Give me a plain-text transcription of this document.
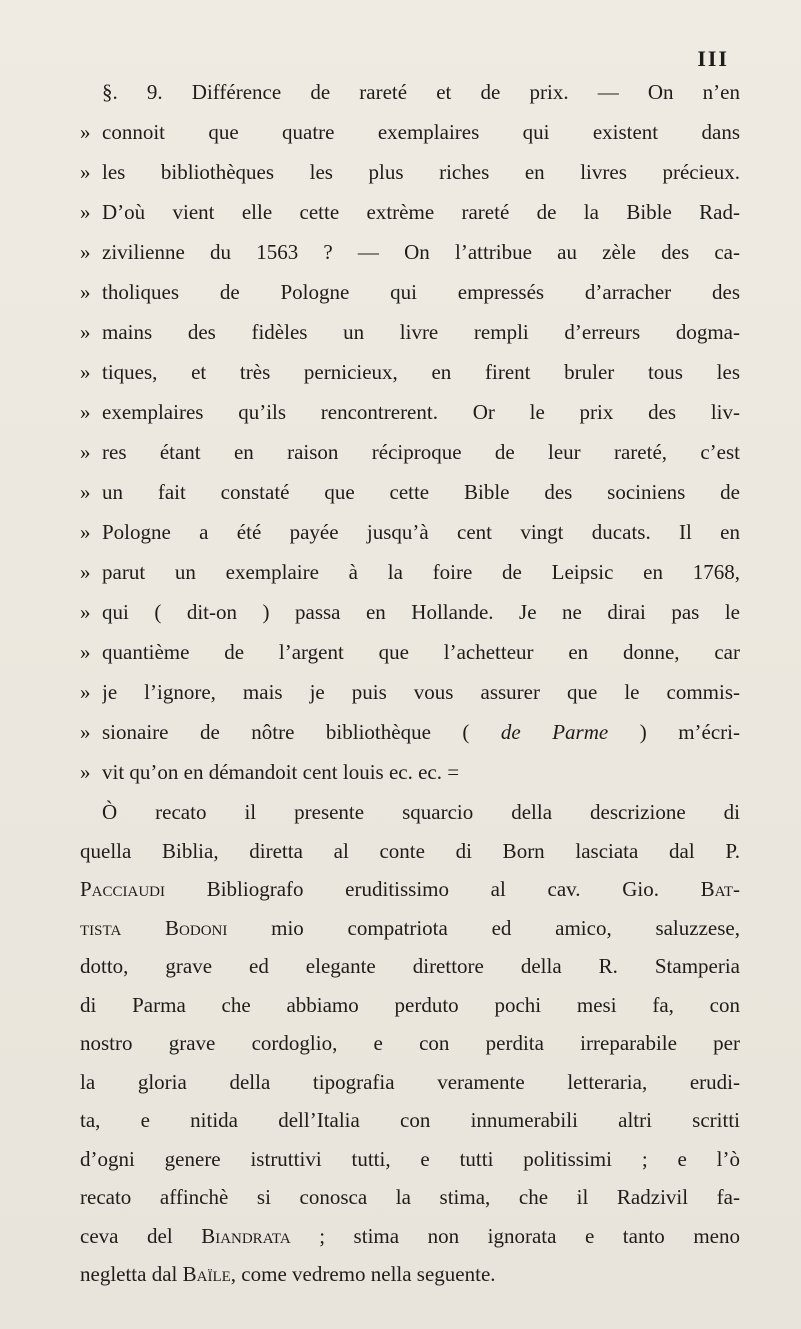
III
§. 9. Différence de rareté et de prix. — On n’en
» connoit que quatre exemplaires qui existent dans
» les bibliothèques les plus riches en livres précieux.
» D’où vient elle cette extrème rareté de la Bible Rad-
» zivilienne du 1563 ? — On l’attribue au zèle des ca-
» tholiques de Pologne qui empressés d’arracher des
» mains des fidèles un livre rempli d’erreurs dogma-
» tiques, et très pernicieux, en firent bruler tous les
» exemplaires qu’ils rencontrerent. Or le prix des liv-
» res étant en raison réciproque de leur rareté, c’est
» un fait constaté que cette Bible des sociniens de
» Pologne a été payée jusqu’à cent vingt ducats. Il en
» parut un exemplaire à la foire de Leipsic en 1768,
» qui ( dit-on ) passa en Hollande. Je ne dirai pas le
» quantième de l’argent que l’achetteur en donne, car
» je l’ignore, mais je puis vous assurer que le commis-
» sionaire de nôtre bibliothèque ( de Parme ) m’écri-
» vit qu’on en démandoit cent louis ec. ec. =
Ò recato il presente squarcio della descrizione di
quella Biblia, diretta al conte di Born lasciata dal P.
Pacciaudi Bibliografo eruditissimo al cav. Gio. Bat-
tista Bodoni mio compatriota ed amico, saluzzese,
dotto, grave ed elegante direttore della R. Stamperia
di Parma che abbiamo perduto pochi mesi fa, con
nostro grave cordoglio, e con perdita irreparabile per
la gloria della tipografia veramente letteraria, erudi-
ta, e nitida dell’Italia con innumerabili altri scritti
d’ogni genere istruttivi tutti, e tutti politissimi ; e l’ò
recato affinchè si conosca la stima, che il Radzivil fa-
ceva del Biandrata ; stima non ignorata e tanto meno
negletta dal Baïle, come vedremo nella seguente.
